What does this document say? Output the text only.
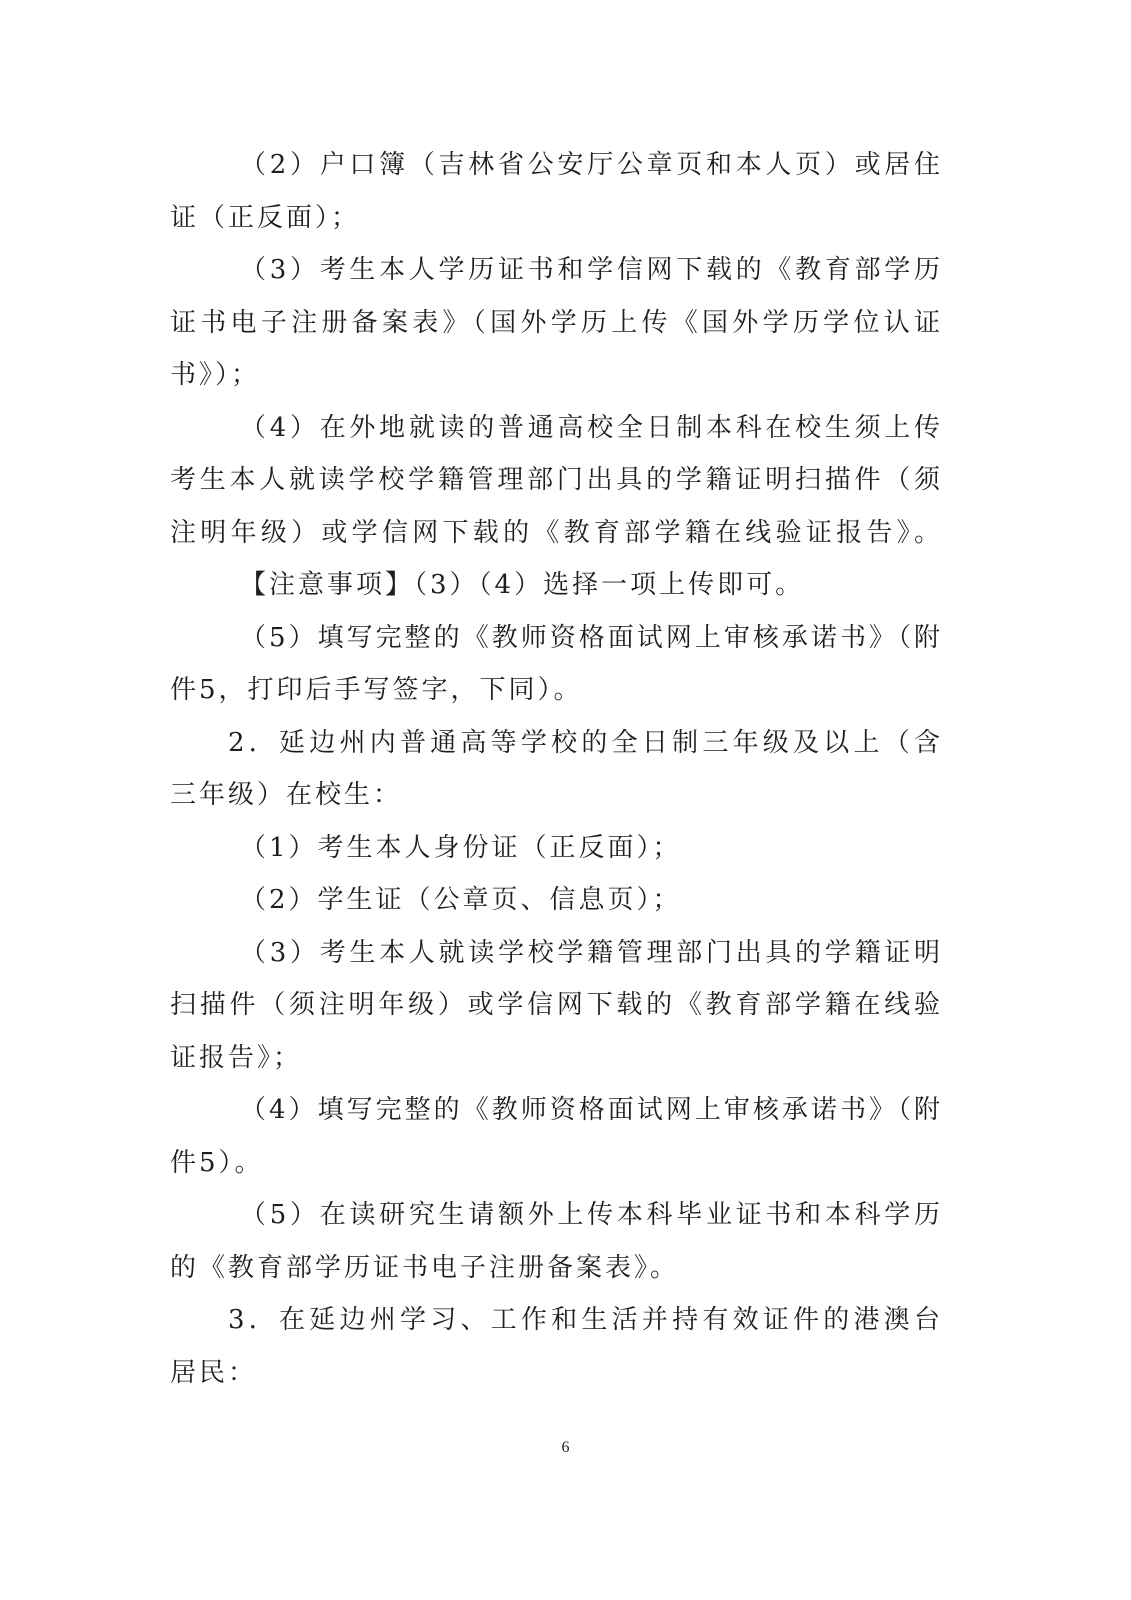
（2）户口簿（吉林省公安厅公章页和本人页）或居住
证（正反面）；
（3）考生本人学历证书和学信网下载的《教育部学历
证书电子注册备案表》（国外学历上传《国外学历学位认证
书》）；
（4）在外地就读的普通高校全日制本科在校生须上传
考生本人就读学校学籍管理部门出具的学籍证明扫描件（须
注明年级）或学信网下载的《教育部学籍在线验证报告》。
【注意事项】（3）（4）选择一项上传即可。
（5）填写完整的《教师资格面试网上审核承诺书》（附
件5，打印后手写签字，下同）。
2．延边州内普通高等学校的全日制三年级及以上（含
三年级）在校生：
（1）考生本人身份证（正反面）；
（2）学生证（公章页、信息页）；
（3）考生本人就读学校学籍管理部门出具的学籍证明
扫描件（须注明年级）或学信网下载的《教育部学籍在线验
证报告》；
（4）填写完整的《教师资格面试网上审核承诺书》（附
件5）。
（5）在读研究生请额外上传本科毕业证书和本科学历
的《教育部学历证书电子注册备案表》。
3．在延边州学习、工作和生活并持有效证件的港澳台
居民：
6
